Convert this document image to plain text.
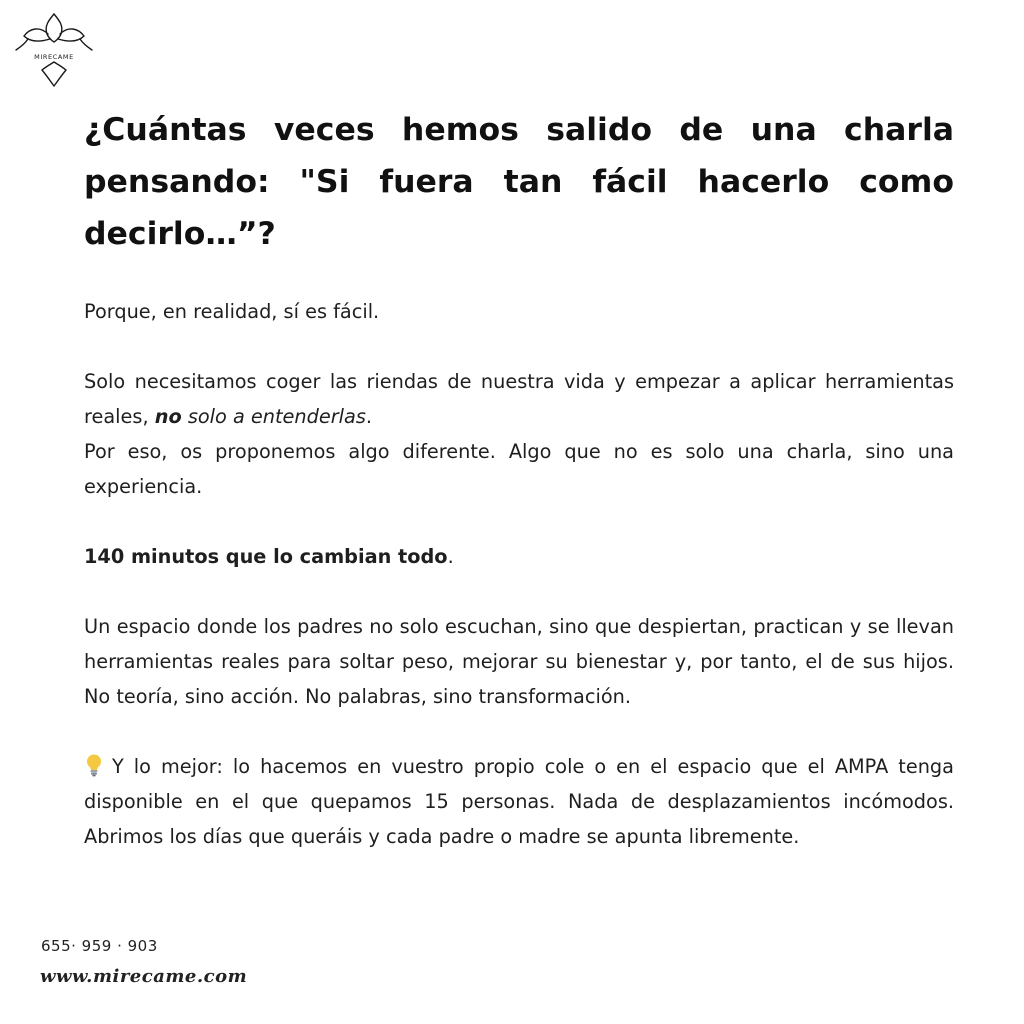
MIRECAME
¿Cuántas veces hemos salido de una charla pensando: "Si fuera tan fácil hacerlo como decirlo…”?

Porque, en realidad, sí es fácil.

Solo necesitamos coger las riendas de nuestra vida y empezar a aplicar herramientas reales, no solo a entenderlas.

Por eso, os proponemos algo diferente. Algo que no es solo una charla, sino una experiencia.

140 minutos que lo cambian todo.

Un espacio donde los padres no solo escuchan, sino que despiertan, practican y se llevan herramientas reales para soltar peso, mejorar su bienestar y, por tanto, el de sus hijos. No teoría, sino acción. No palabras, sino transformación.

Y lo mejor: lo hacemos en vuestro propio cole o en el espacio que el AMPA tenga disponible en el que quepamos 15 personas. Nada de desplazamientos incómodos. Abrimos los días que queráis y cada padre o madre se apunta libremente.

655· 959 · 903

www.mirecame.com
